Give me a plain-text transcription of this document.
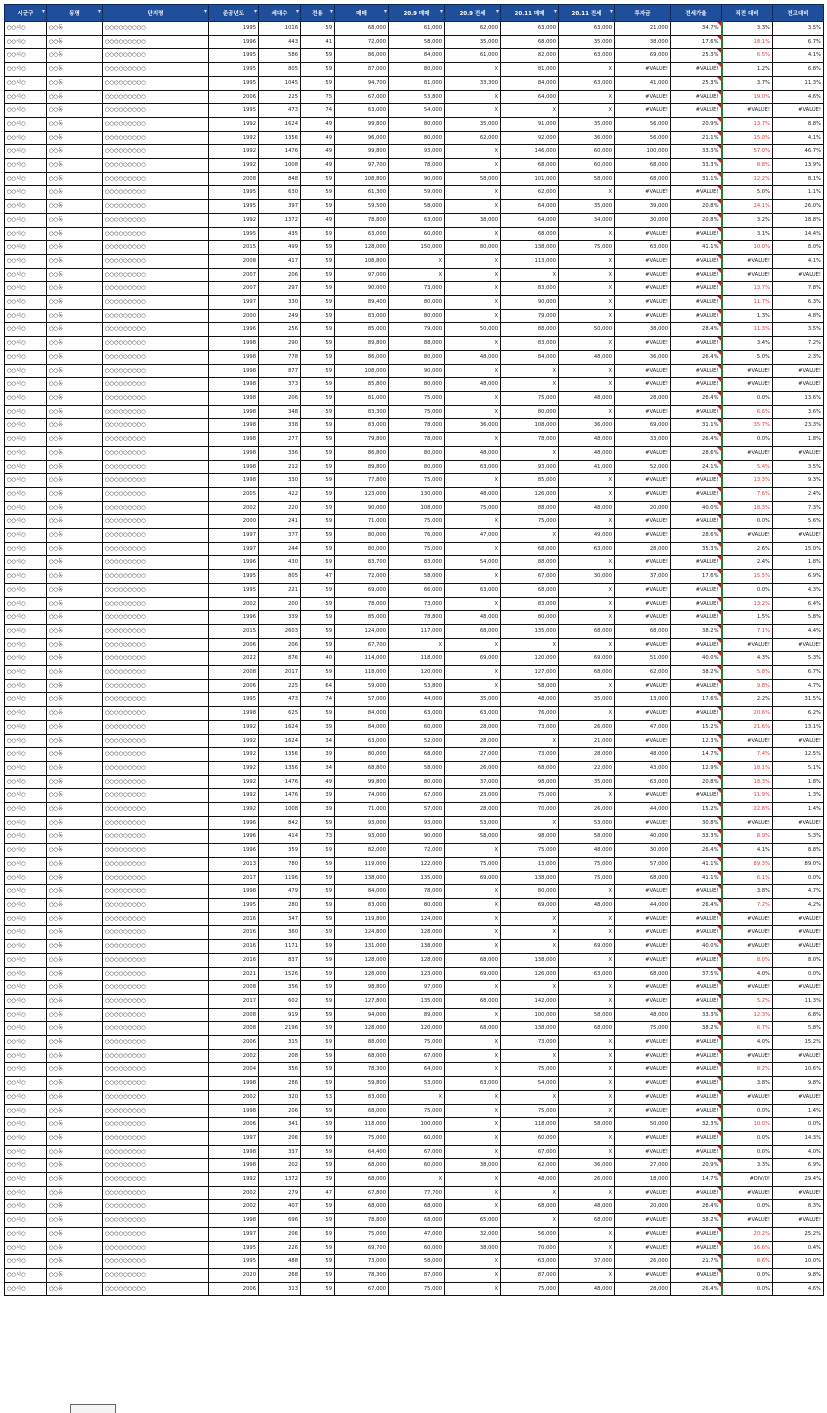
시군구 ▾	동명 ▾	단지명 ▾	준공년도 ▾	세대수 ▾	전용 ▾	매매 ▾	20.9 매매 ▾	20.9 전세 ▾	20.11 매매 ▾	20.11 전세 ▾	투자금	전세가율	직전 대비	전고대비
○○시○	○○동	○○○○○○○○○	1995	1016	59	68,000	61,000	62,000	63,000	63,000	21,000	34.7%	3.3%	3.5%
○○시○	○○동	○○○○○○○○○	1996	443	41	72,000	58,000	35,000	68,000	35,000	38,000	17.6%	18.1%	6.7%
○○시○	○○동	○○○○○○○○○	1995	586	59	86,000	84,000	61,000	82,000	63,000	69,000	25.3%	6.5%	4.1%
○○시○	○○동	○○○○○○○○○	1995	805	59	87,000	80,000	X	81,000	X	#VALUE!	#VALUE!	1.2%	6.8%
○○시○	○○동	○○○○○○○○○	1995	1045	59	94,700	81,000	33,300	84,000	63,000	41,000	25.3%	3.7%	11.3%
○○시○	○○동	○○○○○○○○○	2006	225	75	67,000	53,800	X	64,000	X	#VALUE!	#VALUE!	19.0%	4.6%
○○시○	○○동	○○○○○○○○○	1995	473	74	63,000	54,000	X	X	X	#VALUE!	#VALUE!	#VALUE!	#VALUE!
○○시○	○○동	○○○○○○○○○	1992	1624	49	99,800	80,000	35,000	91,000	35,000	56,000	20.9%	13.7%	8.8%
○○시○	○○동	○○○○○○○○○	1992	1356	49	96,000	80,000	62,000	92,000	36,000	56,000	21.1%	15.0%	4.1%
○○시○	○○동	○○○○○○○○○	1992	1476	49	99,800	93,000	X	146,000	60,000	100,000	33.3%	57.0%	46.7%
○○시○	○○동	○○○○○○○○○	1992	1008	49	97,700	78,000	X	68,000	60,000	68,000	33.3%	8.8%	13.9%
○○시○	○○동	○○○○○○○○○	2008	848	59	108,800	90,000	58,000	101,000	58,000	68,000	31.1%	12.2%	8.1%
○○시○	○○동	○○○○○○○○○	1995	630	59	61,300	59,000	X	62,000	X	#VALUE!	#VALUE!	5.0%	1.1%
○○시○	○○동	○○○○○○○○○	1995	397	59	59,500	58,000	X	64,000	35,000	39,000	20.8%	24.1%	26.0%
○○시○	○○동	○○○○○○○○○	1992	1372	49	78,800	63,000	38,000	64,000	34,000	30,000	20.8%	3.2%	18.8%
○○시○	○○동	○○○○○○○○○	1995	435	59	63,000	60,000	X	68,000	X	#VALUE!	#VALUE!	3.1%	14.4%
○○시○	○○동	○○○○○○○○○	2015	499	59	128,000	150,000	80,000	138,000	75,000	63,000	41.1%	10.0%	8.0%
○○시○	○○동	○○○○○○○○○	2008	417	59	108,800	X	X	113,000	X	#VALUE!	#VALUE!	#VALUE!	4.1%
○○시○	○○동	○○○○○○○○○	2007	206	59	97,000	X	X	X	X	#VALUE!	#VALUE!	#VALUE!	#VALUE!
○○시○	○○동	○○○○○○○○○	2007	297	59	90,000	73,000	X	83,000	X	#VALUE!	#VALUE!	13.7%	7.8%
○○시○	○○동	○○○○○○○○○	1997	330	59	89,400	80,000	X	90,000	X	#VALUE!	#VALUE!	11.7%	6.3%
○○시○	○○동	○○○○○○○○○	2000	249	59	83,000	80,000	X	79,000	X	#VALUE!	#VALUE!	1.3%	4.8%
○○시○	○○동	○○○○○○○○○	1996	256	59	85,000	79,000	50,000	88,000	50,000	38,000	28.4%	11.3%	3.5%
○○시○	○○동	○○○○○○○○○	1998	290	59	89,800	88,000	X	83,000	X	#VALUE!	#VALUE!	3.4%	7.2%
○○시○	○○동	○○○○○○○○○	1998	778	59	86,000	80,000	48,000	84,000	48,000	36,000	26.4%	5.0%	2.3%
○○시○	○○동	○○○○○○○○○	1998	877	59	108,000	90,000	X	X	X	#VALUE!	#VALUE!	#VALUE!	#VALUE!
○○시○	○○동	○○○○○○○○○	1998	373	59	85,800	80,000	48,000	X	X	#VALUE!	#VALUE!	#VALUE!	#VALUE!
○○시○	○○동	○○○○○○○○○	1998	206	59	81,000	75,000	X	75,000	48,000	28,000	26.4%	0.0%	13.6%
○○시○	○○동	○○○○○○○○○	1998	348	59	83,300	75,000	X	80,000	X	#VALUE!	#VALUE!	6.6%	3.6%
○○시○	○○동	○○○○○○○○○	1998	338	59	83,000	78,000	36,000	108,000	36,000	69,000	31.1%	35.7%	23.3%
○○시○	○○동	○○○○○○○○○	1998	277	59	79,800	78,000	X	78,000	48,000	33,000	26.4%	0.0%	1.8%
○○시○	○○동	○○○○○○○○○	1998	336	59	86,800	80,000	48,000	X	48,000	#VALUE!	28.6%	#VALUE!	#VALUE!
○○시○	○○동	○○○○○○○○○	1998	212	59	89,800	80,000	63,000	93,000	41,000	52,000	24.1%	5.4%	3.5%
○○시○	○○동	○○○○○○○○○	1998	330	59	77,800	75,000	X	85,000	X	#VALUE!	#VALUE!	13.3%	9.3%
○○시○	○○동	○○○○○○○○○	2005	422	59	123,000	130,000	48,000	126,000	X	#VALUE!	#VALUE!	7.6%	2.4%
○○시○	○○동	○○○○○○○○○	2002	220	59	90,000	108,000	75,000	88,000	48,000	20,000	40.0%	18.3%	7.3%
○○시○	○○동	○○○○○○○○○	2000	241	59	71,000	75,000	X	75,000	X	#VALUE!	#VALUE!	0.0%	5.6%
○○시○	○○동	○○○○○○○○○	1997	377	59	80,000	76,000	47,000	X	49,000	#VALUE!	28.6%	#VALUE!	#VALUE!
○○시○	○○동	○○○○○○○○○	1997	244	59	80,000	75,000	X	68,000	63,000	28,000	35.3%	2.6%	15.0%
○○시○	○○동	○○○○○○○○○	1996	430	59	83,700	83,000	54,000	88,000	X	#VALUE!	#VALUE!	2.4%	1.8%
○○시○	○○동	○○○○○○○○○	1995	805	47	72,000	58,000	X	67,000	30,000	37,000	17.6%	15.5%	6.9%
○○시○	○○동	○○○○○○○○○	1995	221	59	69,000	66,000	63,000	68,000	X	#VALUE!	#VALUE!	0.0%	4.3%
○○시○	○○동	○○○○○○○○○	2002	200	59	78,000	73,000	X	83,000	X	#VALUE!	#VALUE!	13.2%	6.4%
○○시○	○○동	○○○○○○○○○	1996	339	59	85,000	78,800	48,000	80,000	X	#VALUE!	#VALUE!	1.5%	5.8%
○○시○	○○동	○○○○○○○○○	2015	2603	59	124,000	117,000	68,000	135,000	68,000	68,000	38.2%	7.1%	4.4%
○○시○	○○동	○○○○○○○○○	2006	206	59	67,700	X	X	X	X	#VALUE!	#VALUE!	#VALUE!	#VALUE!
○○시○	○○동	○○○○○○○○○	2022	876	40	114,000	118,000	69,000	120,000	69,000	51,000	40.0%	4.3%	5.3%
○○시○	○○동	○○○○○○○○○	2008	2017	59	118,000	120,000	X	127,000	68,000	62,000	38.2%	5.8%	6.7%
○○시○	○○동	○○○○○○○○○	2006	225	64	59,000	53,800	X	58,000	X	#VALUE!	#VALUE!	9.8%	4.7%
○○시○	○○동	○○○○○○○○○	1995	473	74	57,000	44,000	35,000	48,000	35,000	13,000	17.6%	2.2%	31.5%
○○시○	○○동	○○○○○○○○○	1998	625	59	84,000	63,000	63,000	76,000	X	#VALUE!	#VALUE!	20.6%	6.2%
○○시○	○○동	○○○○○○○○○	1992	1624	39	84,000	60,000	28,000	73,000	26,000	47,000	15.2%	21.6%	13.1%
○○시○	○○동	○○○○○○○○○	1992	1624	34	63,000	52,000	28,000	X	21,000	#VALUE!	12.3%	#VALUE!	#VALUE!
○○시○	○○동	○○○○○○○○○	1992	1356	39	80,000	68,000	27,000	73,000	28,000	48,000	14.7%	7.4%	12.5%
○○시○	○○동	○○○○○○○○○	1992	1356	34	68,800	58,000	26,000	68,000	22,000	43,000	12.9%	18.1%	5.1%
○○시○	○○동	○○○○○○○○○	1992	1476	49	99,800	80,000	37,000	98,000	35,000	63,000	20.8%	18.3%	1.8%
○○시○	○○동	○○○○○○○○○	1992	1476	39	74,000	67,000	23,000	75,000	X	#VALUE!	#VALUE!	11.9%	1.3%
○○시○	○○동	○○○○○○○○○	1992	1008	39	71,000	57,000	28,000	70,000	26,000	44,000	15.2%	22.8%	1.4%
○○시○	○○동	○○○○○○○○○	1996	842	59	93,000	93,000	53,000	X	53,000	#VALUE!	30.8%	#VALUE!	#VALUE!
○○시○	○○동	○○○○○○○○○	1996	414	73	93,000	90,000	58,000	98,000	58,000	40,000	33.3%	8.9%	5.3%
○○시○	○○동	○○○○○○○○○	1996	359	59	82,000	72,000	X	75,000	48,000	30,000	26.4%	4.1%	8.8%
○○시○	○○동	○○○○○○○○○	2013	780	59	119,000	122,000	75,000	13,000	75,000	57,000	41.1%	89.3%	89.0%
○○시○	○○동	○○○○○○○○○	2017	1196	59	138,000	135,000	69,000	138,000	75,000	68,000	41.1%	6.1%	0.0%
○○시○	○○동	○○○○○○○○○	1998	479	59	84,000	78,000	X	80,000	X	#VALUE!	#VALUE!	3.8%	4.7%
○○시○	○○동	○○○○○○○○○	1995	280	59	83,000	80,000	X	69,000	48,000	44,000	26.4%	7.2%	4.2%
○○시○	○○동	○○○○○○○○○	2016	347	59	119,800	124,000	X	X	X	#VALUE!	#VALUE!	#VALUE!	#VALUE!
○○시○	○○동	○○○○○○○○○	2016	360	59	124,800	128,000	X	X	X	#VALUE!	#VALUE!	#VALUE!	#VALUE!
○○시○	○○동	○○○○○○○○○	2016	1171	59	131,000	138,000	X	X	69,000	#VALUE!	40.0%	#VALUE!	#VALUE!
○○시○	○○동	○○○○○○○○○	2016	837	59	128,000	128,000	68,000	138,000	X	#VALUE!	#VALUE!	8.0%	8.0%
○○시○	○○동	○○○○○○○○○	2021	1526	59	128,000	123,000	69,000	126,000	63,000	68,000	37.5%	4.0%	0.0%
○○시○	○○동	○○○○○○○○○	2008	356	59	98,800	97,000	X	X	X	#VALUE!	#VALUE!	#VALUE!	#VALUE!
○○시○	○○동	○○○○○○○○○	2017	602	59	127,800	135,000	68,000	142,000	X	#VALUE!	#VALUE!	5.2%	11.3%
○○시○	○○동	○○○○○○○○○	2008	919	59	94,000	89,000	X	100,000	58,000	48,000	33.3%	12.3%	6.8%
○○시○	○○동	○○○○○○○○○	2008	2196	59	128,000	120,000	68,000	138,000	68,000	75,000	38.2%	6.7%	5.8%
○○시○	○○동	○○○○○○○○○	2006	315	59	88,000	75,000	X	73,000	X	#VALUE!	#VALUE!	4.0%	15.2%
○○시○	○○동	○○○○○○○○○	2002	208	59	68,000	67,000	X	X	X	#VALUE!	#VALUE!	#VALUE!	#VALUE!
○○시○	○○동	○○○○○○○○○	2004	356	59	78,300	64,000	X	75,000	X	#VALUE!	#VALUE!	8.2%	10.6%
○○시○	○○동	○○○○○○○○○	1998	286	59	59,800	53,000	63,000	54,000	X	#VALUE!	#VALUE!	3.8%	9.8%
○○시○	○○동	○○○○○○○○○	2002	320	53	83,000	X	X	X	X	#VALUE!	#VALUE!	#VALUE!	#VALUE!
○○시○	○○동	○○○○○○○○○	1998	206	59	68,000	75,000	X	75,000	X	#VALUE!	#VALUE!	0.0%	1.4%
○○시○	○○동	○○○○○○○○○	2006	341	59	118,000	100,000	X	118,000	58,000	50,000	32.3%	10.0%	0.0%
○○시○	○○동	○○○○○○○○○	1997	206	59	75,000	60,000	X	60,000	X	#VALUE!	#VALUE!	0.0%	14.3%
○○시○	○○동	○○○○○○○○○	1998	337	59	64,400	67,000	X	67,000	X	#VALUE!	#VALUE!	0.0%	4.0%
○○시○	○○동	○○○○○○○○○	1998	202	59	68,000	60,000	38,000	62,000	36,000	27,000	20.9%	3.3%	6.9%
○○시○	○○동	○○○○○○○○○	1992	1372	39	68,000	X	X	48,000	26,000	18,000	14.7%	#DIV/0!	29.4%
○○시○	○○동	○○○○○○○○○	2002	279	47	67,800	77,700	X	X	X	#VALUE!	#VALUE!	#VALUE!	#VALUE!
○○시○	○○동	○○○○○○○○○	2002	407	59	68,000	68,000	X	68,000	48,000	20,000	26.4%	0.0%	8.3%
○○시○	○○동	○○○○○○○○○	1998	696	59	78,800	68,000	65,000	X	68,000	#VALUE!	38.2%	#VALUE!	#VALUE!
○○시○	○○동	○○○○○○○○○	1997	206	59	75,000	47,000	32,000	56,000	X	#VALUE!	#VALUE!	20.2%	25.2%
○○시○	○○동	○○○○○○○○○	1995	226	59	69,700	60,000	38,000	70,000	X	#VALUE!	#VALUE!	16.6%	0.4%
○○시○	○○동	○○○○○○○○○	1995	488	59	73,000	58,000	X	63,000	37,000	26,000	21.7%	8.6%	10.0%
○○시○	○○동	○○○○○○○○○	2020	268	59	78,300	87,000	X	87,000	X	#VALUE!	#VALUE!	0.0%	9.8%
○○시○	○○동	○○○○○○○○○	2006	313	59	67,000	75,000	X	75,000	48,000	28,000	26.4%	0.0%	4.6%
